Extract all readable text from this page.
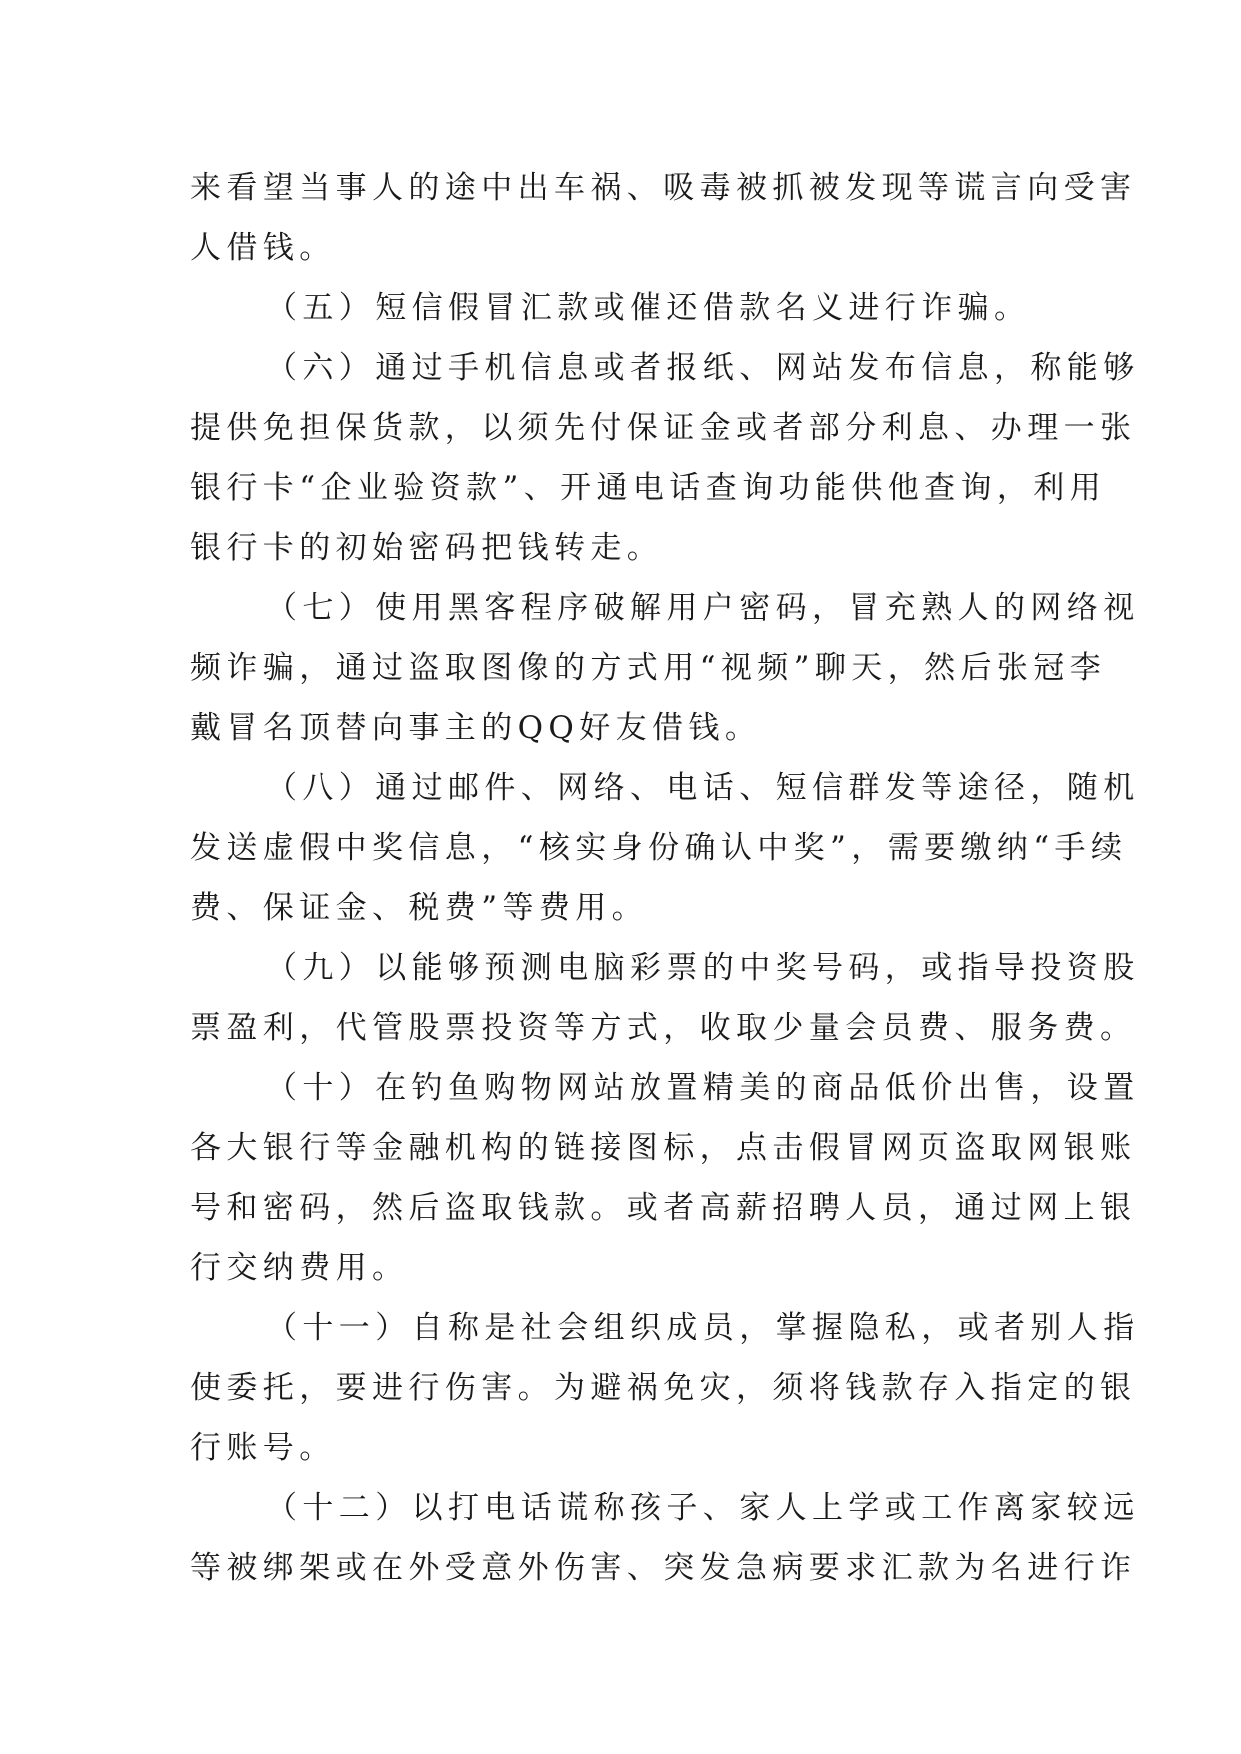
来看望当事人的途中出车祸、吸毒被抓被发现等谎言向受害
人借钱。
（五）短信假冒汇款或催还借款名义进行诈骗。
（六）通过手机信息或者报纸、网站发布信息，称能够
提供免担保货款，以须先付保证金或者部分利息、办理一张
银行卡“企业验资款”、开通电话查询功能供他查询，利用
银行卡的初始密码把钱转走。
（七）使用黑客程序破解用户密码，冒充熟人的网络视
频诈骗，通过盗取图像的方式用“视频”聊天，然后张冠李
戴冒名顶替向事主的QQ好友借钱。
（八）通过邮件、网络、电话、短信群发等途径，随机
发送虚假中奖信息，“核实身份确认中奖”，需要缴纳“手续
费、保证金、税费”等费用。
（九）以能够预测电脑彩票的中奖号码，或指导投资股
票盈利，代管股票投资等方式，收取少量会员费、服务费。
（十）在钓鱼购物网站放置精美的商品低价出售，设置
各大银行等金融机构的链接图标，点击假冒网页盗取网银账
号和密码，然后盗取钱款。或者高薪招聘人员，通过网上银
行交纳费用。
（十一）自称是社会组织成员，掌握隐私，或者别人指
使委托，要进行伤害。为避祸免灾，须将钱款存入指定的银
行账号。
（十二）以打电话谎称孩子、家人上学或工作离家较远
等被绑架或在外受意外伤害、突发急病要求汇款为名进行诈
